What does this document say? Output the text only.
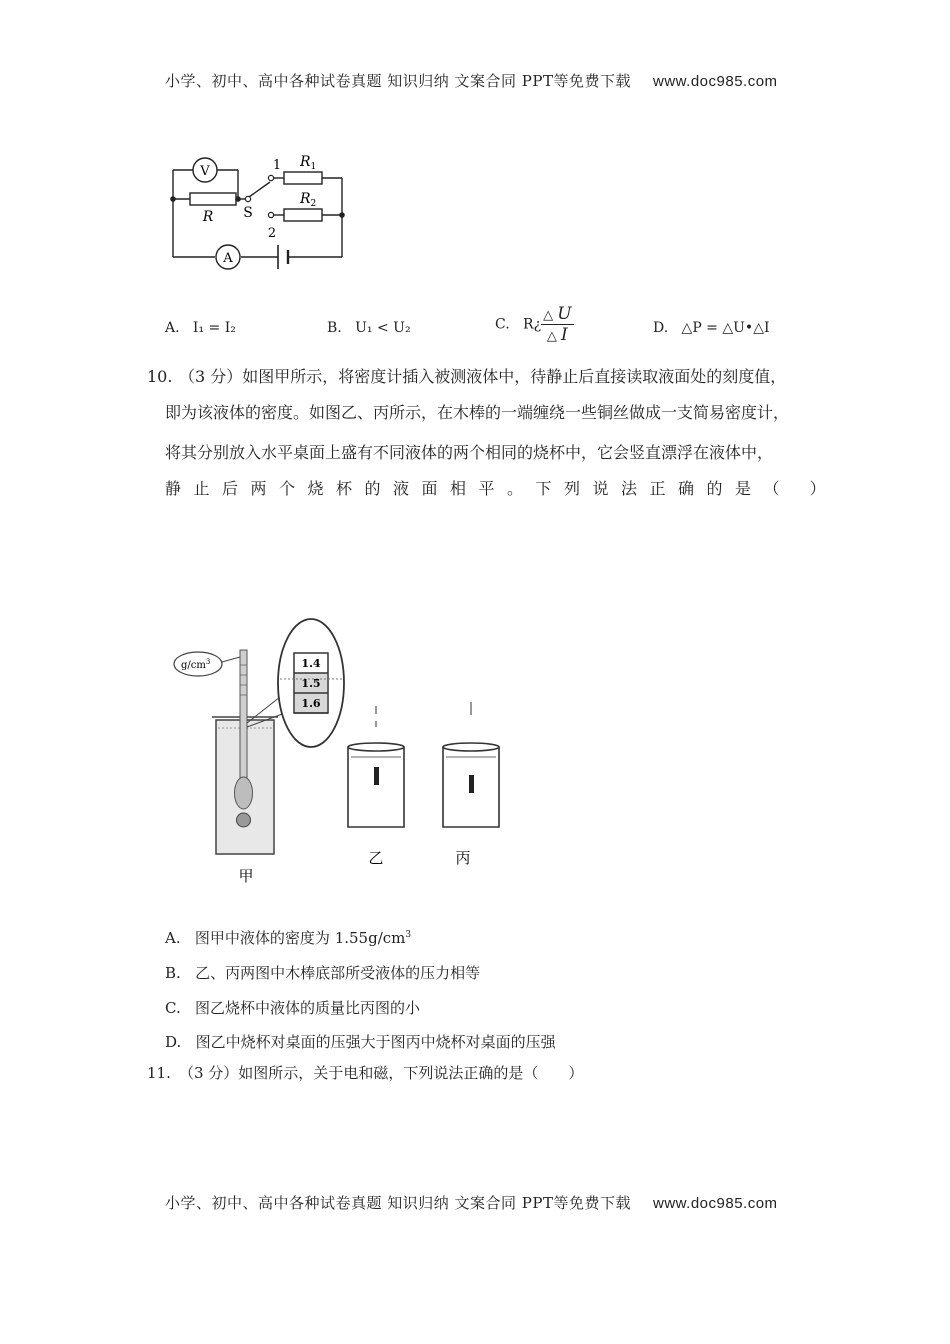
小学、初中、高中各种试卷真题 知识归纳 文案合同 PPT等免费下载 www.doc985.com
V
A
R S
1
2
$R_1$
$R_2$
A. I₁ = I₂	B. U₁ < U₂	C. R¿ $\frac{\triangle U}{\triangle I}$	D. △P = △U•△I
10. （3 分）如图甲所示，将密度计插入被测液体中，待静止后直接读取液面处的刻度值，
即为该液体的密度。如图乙、丙所示，在木棒的一端缠绕一些铜丝做成一支简易密度计，
将其分别放入水平桌面上盛有不同液体的两个相同的烧杯中，它会竖直漂浮在液体中，
静止后两个烧杯的液面相平。下列说法正确的是（ ）
$g/cm^3$	1.4
1.5
1.6
甲
乙	丙
A. 图甲中液体的密度为 $1.55g/cm^3$
B. 乙、丙两图中木棒底部所受液体的压力相等
C. 图乙烧杯中液体的质量比丙图的小
D. 图乙中烧杯对桌面的压强大于图丙中烧杯对桌面的压强
11. （3 分）如图所示，关于电和磁，下列说法正确的是（　　）
小学、初中、高中各种试卷真题 知识归纳 文案合同 PPT等免费下载 www.doc985.com
